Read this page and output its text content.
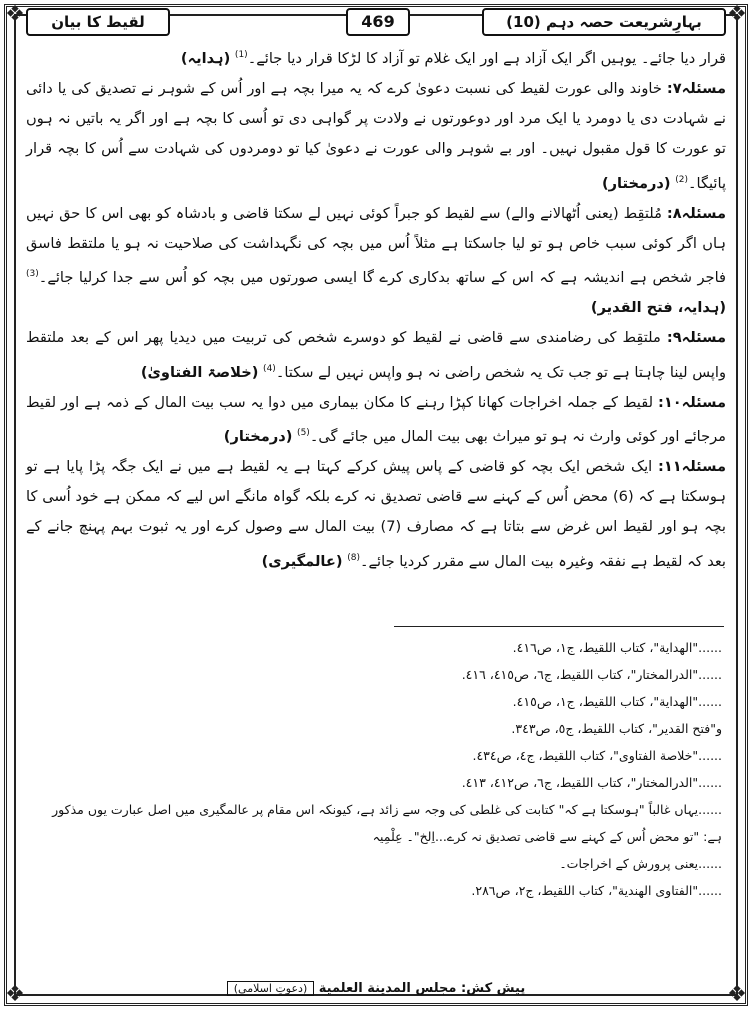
❖	❖
❖	❖
بہارِشریعت حصہ دہم (10)
469
لقیط کا بیان

قرار دیا جائے۔ یوہیں اگر ایک آزاد ہے اور ایک غلام تو آزاد کا لڑکا قرار دیا جائے۔$^{(1)}$ (ہدایہ)

مسئلہ۷: خاوند والی عورت لقیط کی نسبت دعویٰ کرے کہ یہ میرا بچہ ہے اور اُس کے شوہر نے تصدیق کی یا دائی نے شہادت دی یا دومرد یا ایک مرد اور دوعورتوں نے ولادت پر گواہی دی تو اُسی کا بچہ ہے اور اگر یہ باتیں نہ ہوں تو عورت کا قول مقبول نہیں۔ اور بے شوہر والی عورت نے دعویٰ کیا تو دومردوں کی شہادت سے اُس کا بچہ قرار پائیگا۔$^{(2)}$ (درمختار)

مسئلہ۸: مُلتقِط (یعنی اُٹھالانے والے) سے لقیط کو جبراً کوئی نہیں لے سکتا قاضی و بادشاہ کو بھی اس کا حق نہیں ہاں اگر کوئی سبب خاص ہو تو لیا جاسکتا ہے مثلاً اُس میں بچہ کی نگہداشت کی صلاحیت نہ ہو یا ملتقط فاسق فاجر شخص ہے اندیشہ ہے کہ اس کے ساتھ بدکاری کرے گا ایسی صورتوں میں بچہ کو اُس سے جدا کرلیا جائے۔$^{(3)}$ (ہدایہ، فتح القدیر)

مسئلہ۹: ملتقِط کی رضامندی سے قاضی نے لقیط کو دوسرے شخص کی تربیت میں دیدیا پھر اس کے بعد ملتقط واپس لینا چاہتا ہے تو جب تک یہ شخص راضی نہ ہو واپس نہیں لے سکتا۔$^{(4)}$ (خلاصۃ الفتاویٰ)

مسئلہ۱۰: لقیط کے جملہ اخراجات کھانا کپڑا رہنے کا مکان بیماری میں دوا یہ سب بیت المال کے ذمہ ہے اور لقیط مرجائے اور کوئی وارث نہ ہو تو میراث بھی بیت المال میں جائے گی۔$^{(5)}$ (درمختار)

مسئلہ۱۱: ایک شخص ایک بچہ کو قاضی کے پاس پیش کرکے کہتا ہے یہ لقیط ہے میں نے ایک جگہ پڑا پایا ہے تو ہوسکتا ہے کہ (6) محض اُس کے کہنے سے قاضی تصدیق نہ کرے بلکہ گواہ مانگے اس لیے کہ ممکن ہے خود اُسی کا بچہ ہو اور لقیط اس غرض سے بتاتا ہے کہ مصارف (7) بیت المال سے وصول کرے اور یہ ثبوت بہم پہنچ جانے کے بعد کہ لقیط ہے نفقہ وغیرہ بیت المال سے مقرر کردیا جائے۔$^{(8)}$ (عالمگیری)

......"الهداية"، كتاب اللقيط، ج١، ص٤١٦.

......"الدرالمختار"، كتاب اللقيط، ج٦، ص٤١٥، ٤١٦.

......"الهداية"، كتاب اللقيط، ج١، ص٤١٥.

و"فتح القدير"، كتاب اللقيط، ج٥، ص٣٤٣.

......"خلاصة الفتاوى"، كتاب اللقيط، ج٤، ص٤٣٤.

......"الدرالمختار"، كتاب اللقيط، ج٦، ص٤١٢، ٤١٣.

......یہاں غالباً "ہوسکتا ہے کہ" کتابت کی غلطی کی وجہ سے زائد ہے، کیونکہ اس مقام پر عالمگیری میں اصل عبارت یوں مذکور ہے: "تو محض اُس کے کہنے سے قاضی تصدیق نہ کرے...اِلخ"۔ عِلْمِیہ

......یعنی پرورش کے اخراجات۔

......"الفتاوى الهندية"، كتاب اللقيط، ج٢، ص٢٨٦.

پیش کش: مجلس المدينة العلمية (دعوتِ اسلامی)
